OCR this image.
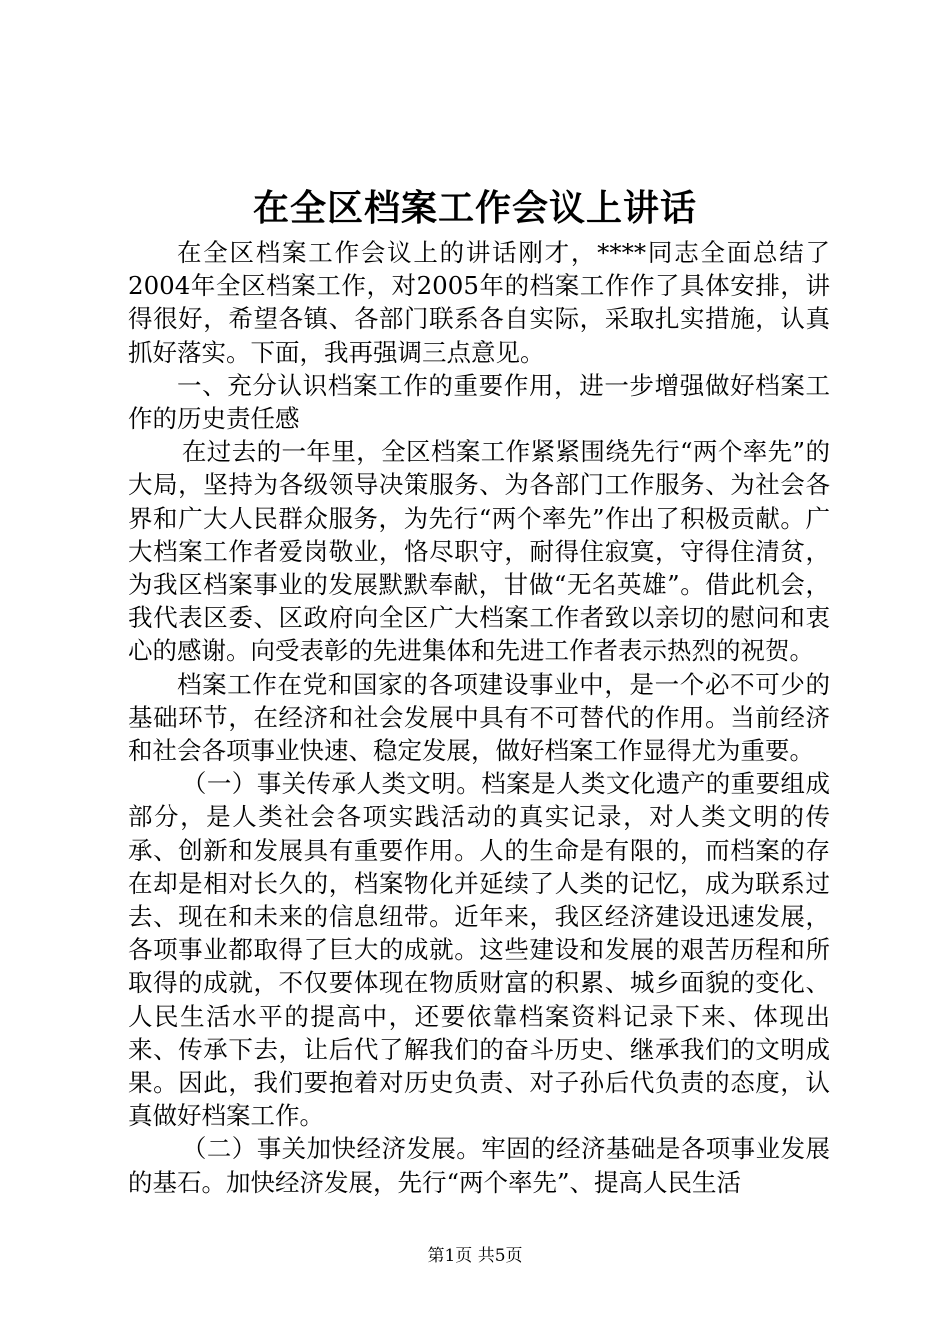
在全区档案工作会议上讲话

在全区档案工作会议上的讲话刚才，****同志全面总结了2004年全区档案工作，对2005年的档案工作作了具体安排，讲得很好，希望各镇、各部门联系各自实际，采取扎实措施，认真抓好落实。下面，我再强调三点意见。

一、充分认识档案工作的重要作用，进一步增强做好档案工作的历史责任感

在过去的一年里，全区档案工作紧紧围绕先行“两个率先”的大局，坚持为各级领导决策服务、为各部门工作服务、为社会各界和广大人民群众服务，为先行“两个率先”作出了积极贡献。广大档案工作者爱岗敬业，恪尽职守，耐得住寂寞，守得住清贫，为我区档案事业的发展默默奉献，甘做“无名英雄”。借此机会，我代表区委、区政府向全区广大档案工作者致以亲切的慰问和衷心的感谢。向受表彰的先进集体和先进工作者表示热烈的祝贺。

档案工作在党和国家的各项建设事业中，是一个必不可少的基础环节，在经济和社会发展中具有不可替代的作用。当前经济和社会各项事业快速、稳定发展，做好档案工作显得尤为重要。

（一）事关传承人类文明。档案是人类文化遗产的重要组成部分，是人类社会各项实践活动的真实记录，对人类文明的传承、创新和发展具有重要作用。人的生命是有限的，而档案的存在却是相对长久的，档案物化并延续了人类的记忆，成为联系过去、现在和未来的信息纽带。近年来，我区经济建设迅速发展，各项事业都取得了巨大的成就。这些建设和发展的艰苦历程和所取得的成就，不仅要体现在物质财富的积累、城乡面貌的变化、人民生活水平的提高中，还要依靠档案资料记录下来、体现出来、传承下去，让后代了解我们的奋斗历史、继承我们的文明成果。因此，我们要抱着对历史负责、对子孙后代负责的态度，认真做好档案工作。

（二）事关加快经济发展。牢固的经济基础是各项事业发展的基石。加快经济发展，先行“两个率先”、提高人民生活

第1页 共5页
